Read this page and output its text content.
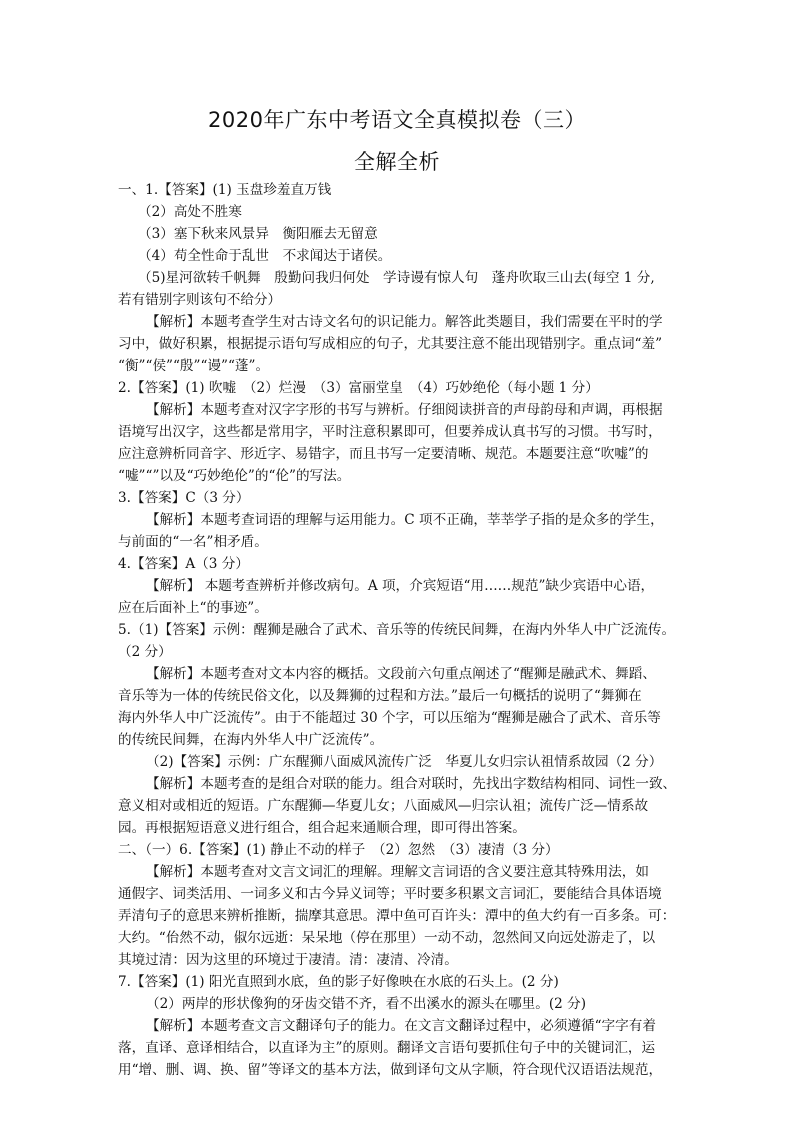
2020年广东中考语文全真模拟卷（三）
全解全析
一、1.【答案】(1) 玉盘珍羞直万钱
（2）高处不胜寒
（3）塞下秋来风景异　衡阳雁去无留意
（4）苟全性命于乱世　不求闻达于诸侯。
（5)星河欲转千帆舞　殷勤问我归何处　学诗谩有惊人句　蓬舟吹取三山去(每空 1 分,
若有错别字则该句不给分）
【解析】本题考查学生对古诗文名句的识记能力。解答此类题目，我们需要在平时的学
习中，做好积累，根据提示语句写成相应的句子，尤其要注意不能出现错别字。重点词“羞”
“衡”“侯”“殷”“谩”“蓬”。
2.【答案】(1) 吹嘘　（2）烂漫　（3）富丽堂皇　（4）巧妙绝伦（每小题 1 分）
【解析】本题考查对汉字字形的书写与辨析。仔细阅读拼音的声母韵母和声调，再根据
语境写出汉字，这些都是常用字，平时注意积累即可，但要养成认真书写的习惯。书写时，
应注意辨析同音字、形近字、易错字，而且书写一定要清晰、规范。本题要注意“吹嘘”的
“嘘”“”以及“巧妙绝伦”的“伦”的写法。
3.【答案】C（3 分）
【解析】本题考查词语的理解与运用能力。C 项不正确，莘莘学子指的是众多的学生，
与前面的“一名”相矛盾。
4.【答案】A（3 分）
【解析】 本题考查辨析并修改病句。A 项，介宾短语“用……规范”缺少宾语中心语，
应在后面补上“的事迹”。
5.（1)【答案】示例：醒狮是融合了武术、音乐等的传统民间舞，在海内外华人中广泛流传。
（2 分）
【解析】本题考查对文本内容的概括。文段前六句重点阐述了“醒狮是融武术、舞蹈、
音乐等为一体的传统民俗文化，以及舞狮的过程和方法。”最后一句概括的说明了“舞狮在
海内外华人中广泛流传”。由于不能超过 30 个字，可以压缩为“醒狮是融合了武术、音乐等
的传统民间舞，在海内外华人中广泛流传”。
（2)【答案】示例：广东醒狮八面威风流传广泛　华夏儿女归宗认祖情系故园（2 分）
【解析】本题考查的是组合对联的能力。组合对联时，先找出字数结构相同、词性一致、
意义相对或相近的短语。广东醒狮—华夏儿女；八面威风—归宗认祖；流传广泛—情系故
园。再根据短语意义进行组合，组合起来通顺合理，即可得出答案。
二、（一）6.【答案】(1) 静止不动的样子　（2）忽然　（3）凄清（3 分）
【解析】本题考查对文言文词汇的理解。理解文言词语的含义要注意其特殊用法，如
通假字、词类活用、一词多义和古今异义词等；平时要多积累文言词汇，要能结合具体语境
弄清句子的意思来辨析推断，揣摩其意思。潭中鱼可百许头：潭中的鱼大约有一百多条。可：
大约。“佁然不动，俶尔远逝：呆呆地（停在那里）一动不动，忽然间又向远处游走了，以
其境过清：因为这里的环境过于凄清。清：凄清、冷清。
7.【答案】(1) 阳光直照到水底，鱼的影子好像映在水底的石头上。(2 分)
（2）两岸的形状像狗的牙齿交错不齐，看不出溪水的源头在哪里。(2 分)
【解析】本题考查文言文翻译句子的能力。在文言文翻译过程中，必须遵循“字字有着
落，直译、意译相结合，以直译为主”的原则。翻译文言语句要抓住句子中的关键词汇，运
用“增、删、调、换、留”等译文的基本方法，做到译句文从字顺，符合现代汉语语法规范，
